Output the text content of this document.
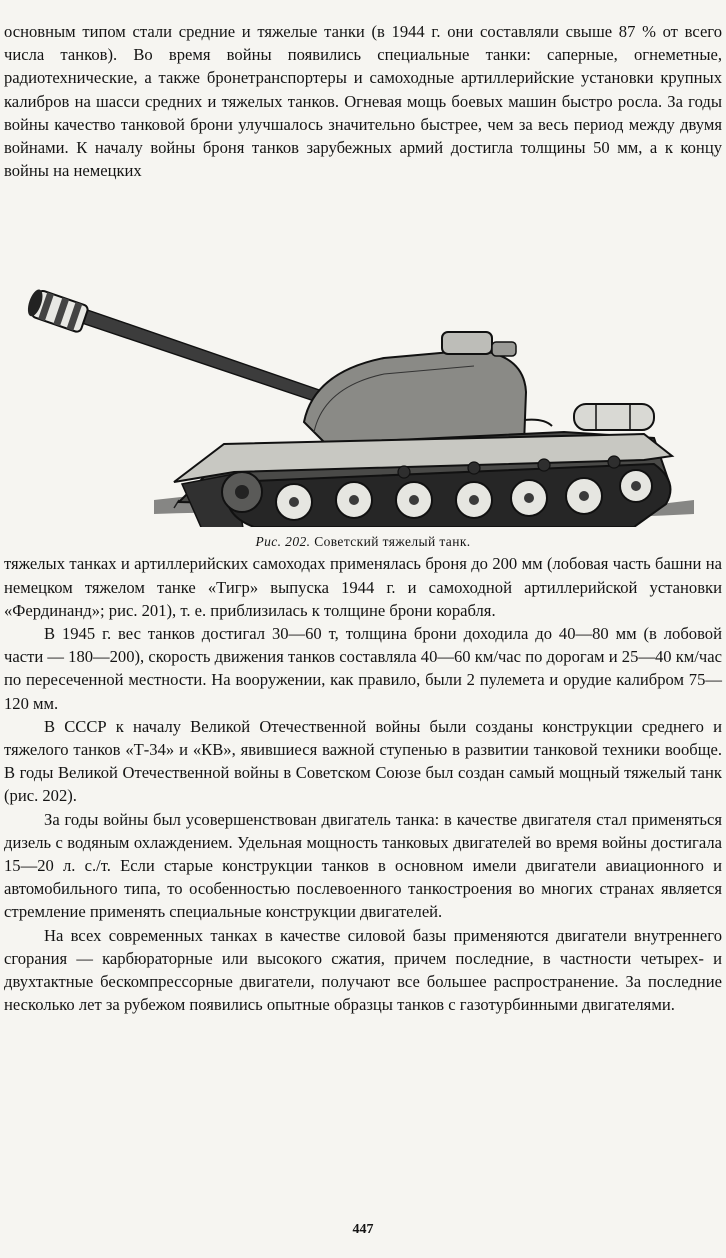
основным типом стали средние и тяжелые танки (в 1944 г. они составляли свыше 87 % от всего числа танков). Во время войны появились специальные танки: саперные, огнеметные, радиотехнические, а также бронетранспортеры и самоходные артиллерийские установки крупных калибров на шасси средних и тяжелых танков. Огневая мощь боевых машин быстро росла. За годы войны качество танковой брони улучшалось значительно быстрее, чем за весь период между двумя войнами. К началу войны броня танков зарубежных армий достигла толщины 50 мм, а к концу войны на немецких

Рис. 202. Советский тяжелый танк.

тяжелых танках и артиллерийских самоходах применялась броня до 200 мм (лобовая часть башни на немецком тяжелом танке «Тигр» выпуска 1944 г. и самоходной артиллерийской установки «Фердинанд»; рис. 201), т. е. приблизилась к толщине брони корабля.

В 1945 г. вес танков достигал 30—60 т, толщина брони доходила до 40—80 мм (в лобовой части — 180—200), скорость движения танков составляла 40—60 км/час по дорогам и 25—40 км/час по пересеченной местности. На вооружении, как правило, были 2 пулемета и орудие калибром 75—120 мм.

В СССР к началу Великой Отечественной войны были созданы конструкции среднего и тяжелого танков «Т-34» и «КВ», явившиеся важной ступенью в развитии танковой техники вообще. В годы Великой Отечественной войны в Советском Союзе был создан самый мощный тяжелый танк (рис. 202).

За годы войны был усовершенствован двигатель танка: в качестве двигателя стал применяться дизель с водяным охлаждением. Удельная мощность танковых двигателей во время войны достигала 15—20 л. с./т. Если старые конструкции танков в основном имели двигатели авиационного и автомобильного типа, то особенностью послевоенного танкостроения во многих странах является стремление применять специальные конструкции двигателей.

На всех современных танках в качестве силовой базы применяются двигатели внутреннего сгорания — карбюраторные или высокого сжатия, причем последние, в частности четырех- и двухтактные бескомпрессорные двигатели, получают все большее распространение. За последние несколько лет за рубежом появились опытные образцы танков с газотурбинными двигателями.

447
